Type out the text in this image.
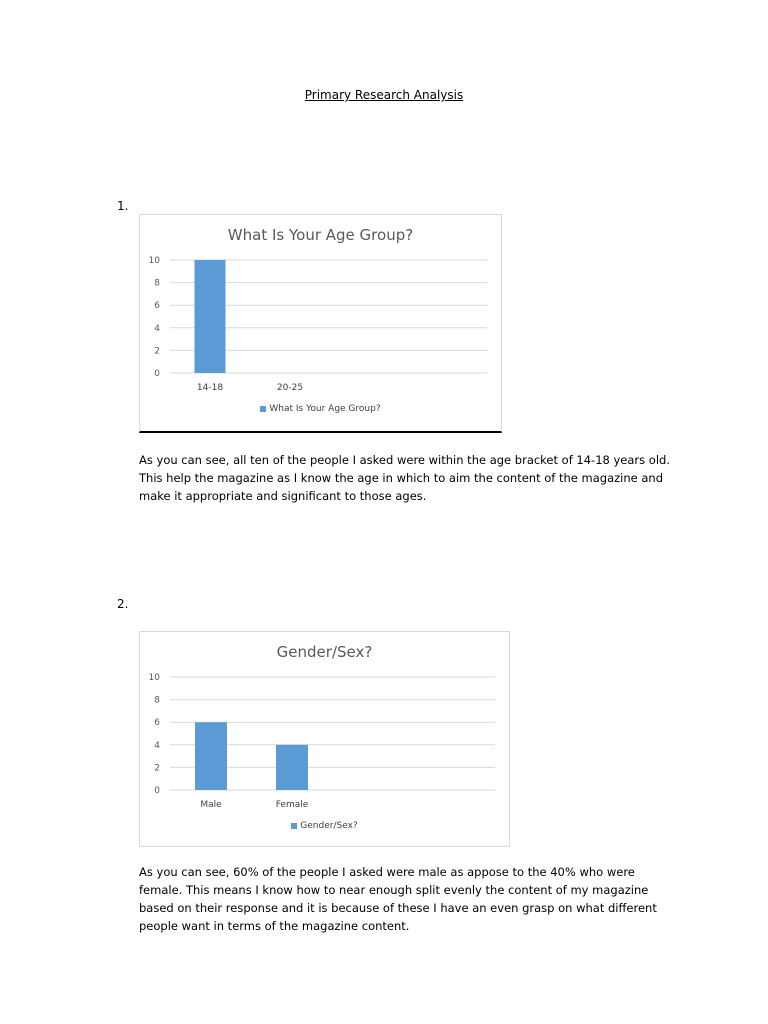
Primary Research Analysis
1.
What Is Your Age Group?
0
2
4
6
8
10
14-18	20-25
What Is Your Age Group?
As you can see, all ten of the people I asked were within the age bracket of 14-18 years old.
This help the magazine as I know the age in which to aim the content of the magazine and
make it appropriate and significant to those ages.
2.
Gender/Sex?
0
2
4
6
8
10
Male	Female
Gender/Sex?
As you can see, 60% of the people I asked were male as appose to the 40% who were
female. This means I know how to near enough split evenly the content of my magazine
based on their response and it is because of these I have an even grasp on what different
people want in terms of the magazine content.
